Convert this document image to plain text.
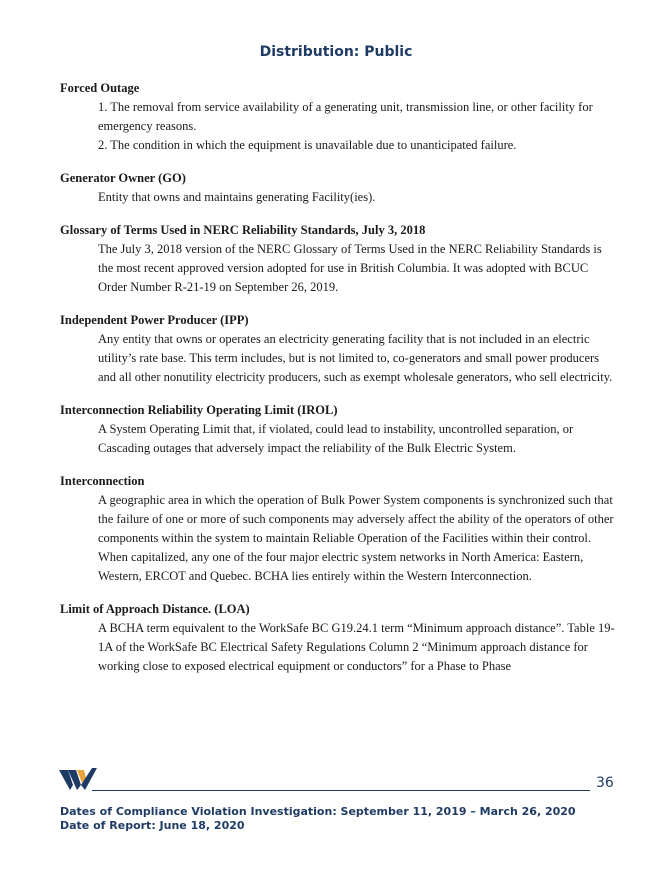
Distribution: Public
Forced Outage

1. The removal from service availability of a generating unit, transmission line, or other facility for emergency reasons.

2. The condition in which the equipment is unavailable due to unanticipated failure.

Generator Owner (GO)

Entity that owns and maintains generating Facility(ies).

Glossary of Terms Used in NERC Reliability Standards, July 3, 2018

The July 3, 2018 version of the NERC Glossary of Terms Used in the NERC Reliability Standards is the most recent approved version adopted for use in British Columbia. It was adopted with BCUC Order Number R-21-19 on September 26, 2019.

Independent Power Producer (IPP)

Any entity that owns or operates an electricity generating facility that is not included in an electric utility’s rate base. This term includes, but is not limited to, co-generators and small power producers and all other nonutility electricity producers, such as exempt wholesale generators, who sell electricity.

Interconnection Reliability Operating Limit (IROL)

A System Operating Limit that, if violated, could lead to instability, uncontrolled separation, or Cascading outages that adversely impact the reliability of the Bulk Electric System.

Interconnection

A geographic area in which the operation of Bulk Power System components is synchronized such that the failure of one or more of such components may adversely affect the ability of the operators of other components within the system to maintain Reliable Operation of the Facilities within their control. When capitalized, any one of the four major electric system networks in North America: Eastern, Western, ERCOT and Quebec. BCHA lies entirely within the Western Interconnection.

Limit of Approach Distance. (LOA)

A BCHA term equivalent to the WorkSafe BC G19.24.1 term “Minimum approach distance”. Table 19-1A of the WorkSafe BC Electrical Safety Regulations Column 2 “Minimum approach distance for working close to exposed electrical equipment or conductors” for a Phase to Phase

36
Dates of Compliance Violation Investigation: September 11, 2019 – March 26, 2020
Date of Report: June 18, 2020
